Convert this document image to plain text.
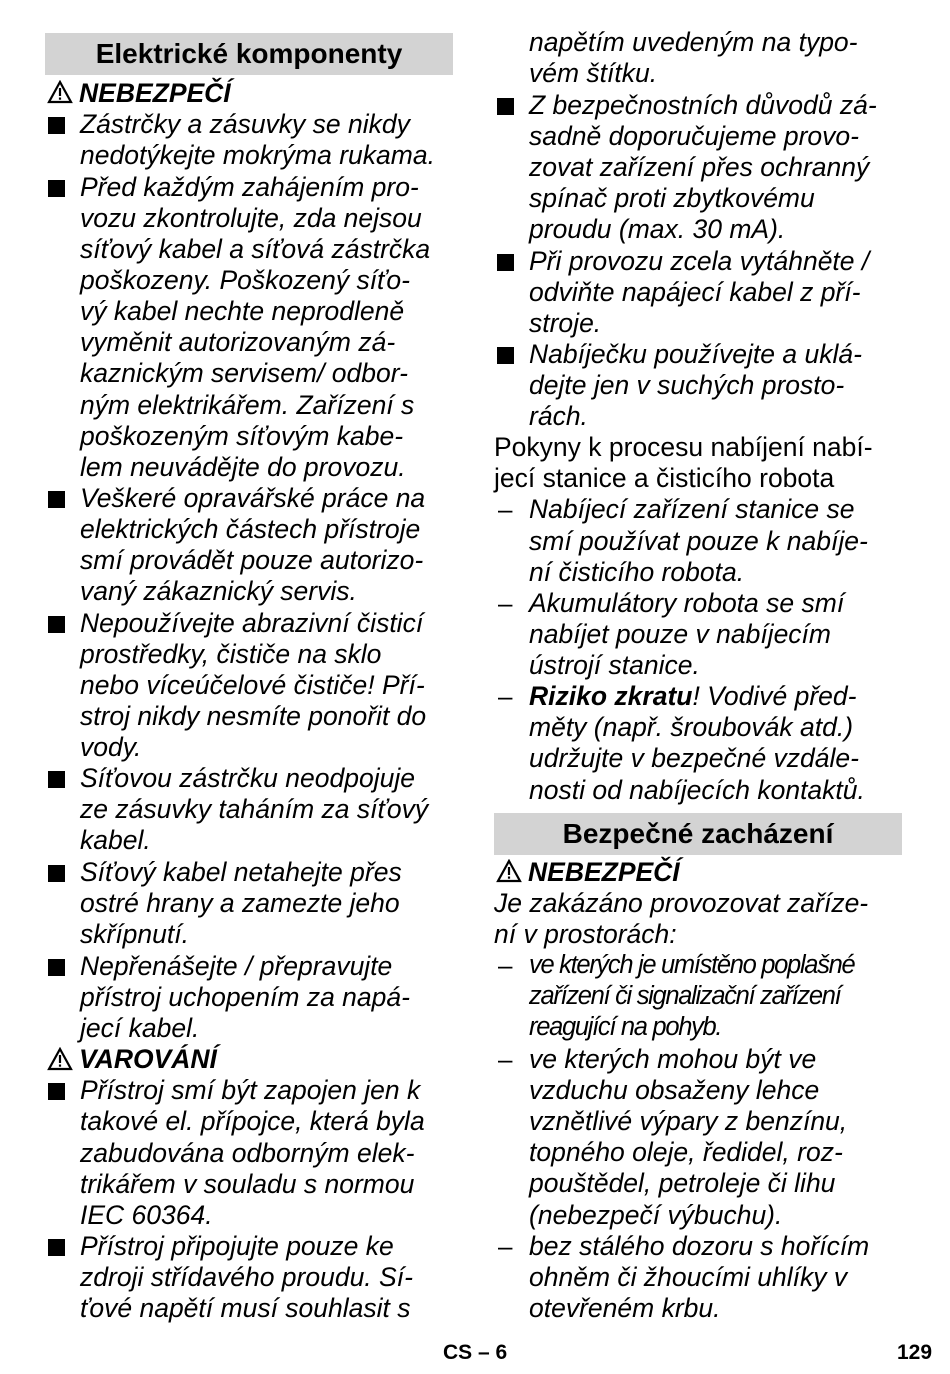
Elektrické komponenty
NEBEZPEČÍ
Zástrčky a zásuvky se nikdy
nedotýkejte mokrýma rukama.
Před každým zahájením pro-
vozu zkontrolujte, zda nejsou
síťový kabel a síťová zástrčka
poškozeny. Poškozený síťo-
vý kabel nechte neprodleně
vyměnit autorizovaným zá-
kaznickým servisem/ odbor-
ným elektrikářem. Zařízení s
poškozeným síťovým kabe-
lem neuvádějte do provozu.
Veškeré opravářské práce na
elektrických částech přístroje
smí provádět pouze autorizo-
vaný zákaznický servis.
Nepoužívejte abrazivní čisticí
prostředky, čističe na sklo
nebo víceúčelové čističe! Pří-
stroj nikdy nesmíte ponořit do
vody.
Síťovou zástrčku neodpojuje
ze zásuvky taháním za síťový
kabel.
Síťový kabel netahejte přes
ostré hrany a zamezte jeho
skřípnutí.
Nepřenášejte / přepravujte
přístroj uchopením za napá-
jecí kabel.
VAROVÁNÍ
Přístroj smí být zapojen jen k
takové el. přípojce, která byla
zabudována odborným elek-
trikářem v souladu s normou
IEC 60364.
Přístroj připojujte pouze ke
zdroji střídavého proudu. Sí-
ťové napětí musí souhlasit s
napětím uvedeným na typo-
vém štítku.
Z bezpečnostních důvodů zá-
sadně doporučujeme provo-
zovat zařízení přes ochranný
spínač proti zbytkovému
proudu (max. 30 mA).
Při provozu zcela vytáhněte /
odviňte napájecí kabel z pří-
stroje.
Nabíječku používejte a uklá-
dejte jen v suchých prosto-
rách.
Pokyny k procesu nabíjení nabí-
jecí stanice a čisticího robota
– Nabíjecí zařízení stanice se
smí používat pouze k nabíje-
ní čisticího robota.
– Akumulátory robota se smí
nabíjet pouze v nabíjecím
ústrojí stanice.
– Riziko zkratu! Vodivé před-
měty (např. šroubovák atd.)
udržujte v bezpečné vzdále-
nosti od nabíjecích kontaktů.
Bezpečné zacházení
NEBEZPEČÍ
Je zakázáno provozovat zaříze-
ní v prostorách:
– ve kterých je umístěno poplašné
zařízení či signalizační zařízení
reagující na pohyb.
– ve kterých mohou být ve
vzduchu obsaženy lehce
vznětlivé výpary z benzínu,
topného oleje, ředidel, roz-
pouštědel, petroleje či lihu
(nebezpečí výbuchu).
– bez stálého dozoru s hořícím
ohněm či žhoucími uhlíky v
otevřeném krbu.
CS – 6	129
